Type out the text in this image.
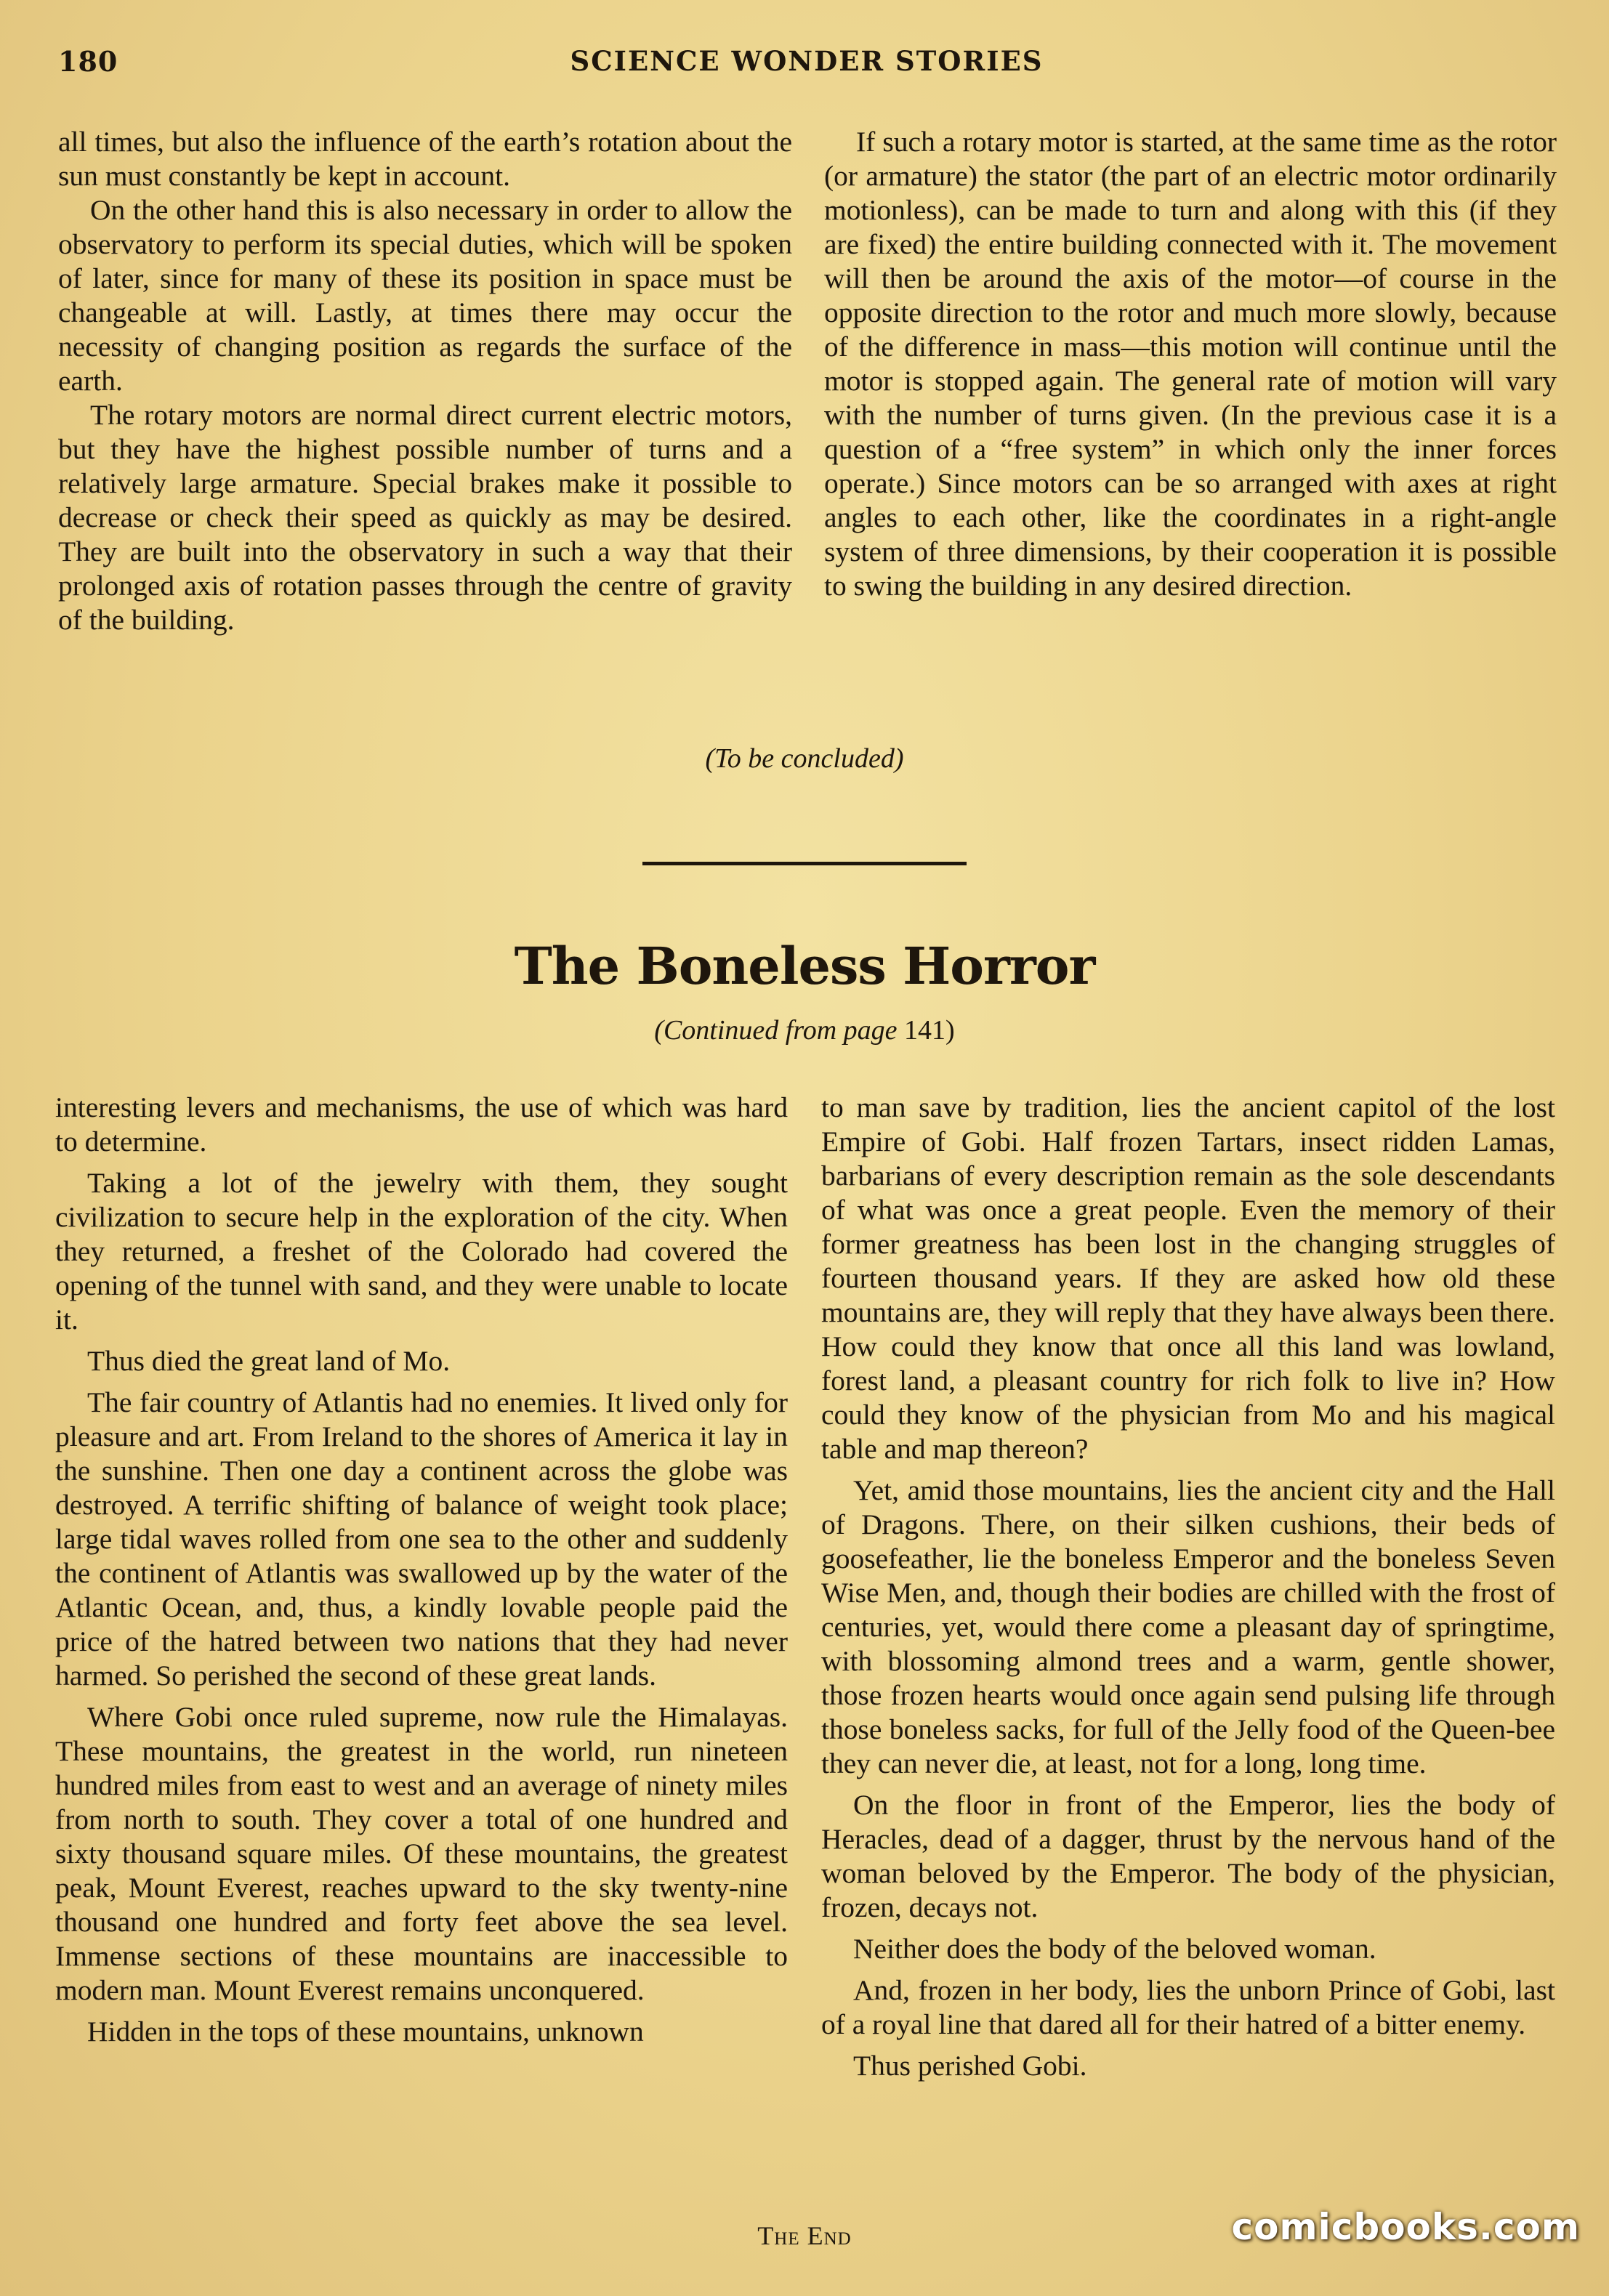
180	SCIENCE WONDER STORIES

all times, but also the influence of the earth’s rotation about the sun must constantly be kept in account.

On the other hand this is also necessary in order to allow the observatory to perform its special duties, which will be spoken of later, since for many of these its position in space must be changeable at will. Lastly, at times there may occur the necessity of changing position as regards the surface of the earth.

The rotary motors are normal direct current electric motors, but they have the highest possible number of turns and a relatively large armature. Special brakes make it possible to decrease or check their speed as quickly as may be desired. They are built into the observatory in such a way that their prolonged axis of rotation passes through the centre of gravity of the building.

If such a rotary motor is started, at the same time as the rotor (or armature) the stator (the part of an electric motor ordinarily motionless), can be made to turn and along with this (if they are fixed) the entire building connected with it. The movement will then be around the axis of the motor—of course in the opposite direction to the rotor and much more slowly, because of the difference in mass—this motion will continue until the motor is stopped again. The general rate of motion will vary with the number of turns given. (In the previous case it is a question of a “free system” in which only the inner forces operate.) Since motors can be so arranged with axes at right angles to each other, like the coordinates in a right-angle system of three dimensions, by their cooperation it is possible to swing the building in any desired direction.

(To be concluded)
The Boneless Horror
(Continued from page 141)

interesting levers and mechanisms, the use of which was hard to determine.

Taking a lot of the jewelry with them, they sought civilization to secure help in the exploration of the city. When they returned, a freshet of the Colorado had covered the opening of the tunnel with sand, and they were unable to locate it.

Thus died the great land of Mo.

The fair country of Atlantis had no enemies. It lived only for pleasure and art. From Ireland to the shores of America it lay in the sunshine. Then one day a continent across the globe was destroyed. A terrific shifting of balance of weight took place; large tidal waves rolled from one sea to the other and suddenly the continent of Atlantis was swallowed up by the water of the Atlantic Ocean, and, thus, a kindly lovable people paid the price of the hatred between two nations that they had never harmed. So perished the second of these great lands.

Where Gobi once ruled supreme, now rule the Himalayas. These mountains, the greatest in the world, run nineteen hundred miles from east to west and an average of ninety miles from north to south. They cover a total of one hundred and sixty thousand square miles. Of these mountains, the greatest peak, Mount Everest, reaches upward to the sky twenty-nine thousand one hundred and forty feet above the sea level. Immense sections of these mountains are inaccessible to modern man. Mount Everest remains unconquered.

Hidden in the tops of these mountains, unknown

to man save by tradition, lies the ancient capitol of the lost Empire of Gobi. Half frozen Tartars, insect ridden Lamas, barbarians of every description remain as the sole descendants of what was once a great people. Even the memory of their former greatness has been lost in the changing struggles of fourteen thousand years. If they are asked how old these mountains are, they will reply that they have always been there. How could they know that once all this land was lowland, forest land, a pleasant country for rich folk to live in? How could they know of the physician from Mo and his magical table and map thereon?

Yet, amid those mountains, lies the ancient city and the Hall of Dragons. There, on their silken cushions, their beds of goosefeather, lie the boneless Emperor and the boneless Seven Wise Men, and, though their bodies are chilled with the frost of centuries, yet, would there come a pleasant day of springtime, with blossoming almond trees and a warm, gentle shower, those frozen hearts would once again send pulsing life through those boneless sacks, for full of the Jelly food of the Queen-bee they can never die, at least, not for a long, long time.

On the floor in front of the Emperor, lies the body of Heracles, dead of a dagger, thrust by the nervous hand of the woman beloved by the Emperor. The body of the physician, frozen, decays not.

Neither does the body of the beloved woman.

And, frozen in her body, lies the unborn Prince of Gobi, last of a royal line that dared all for their hatred of a bitter enemy.

Thus perished Gobi.

The End	comicbooks.com
